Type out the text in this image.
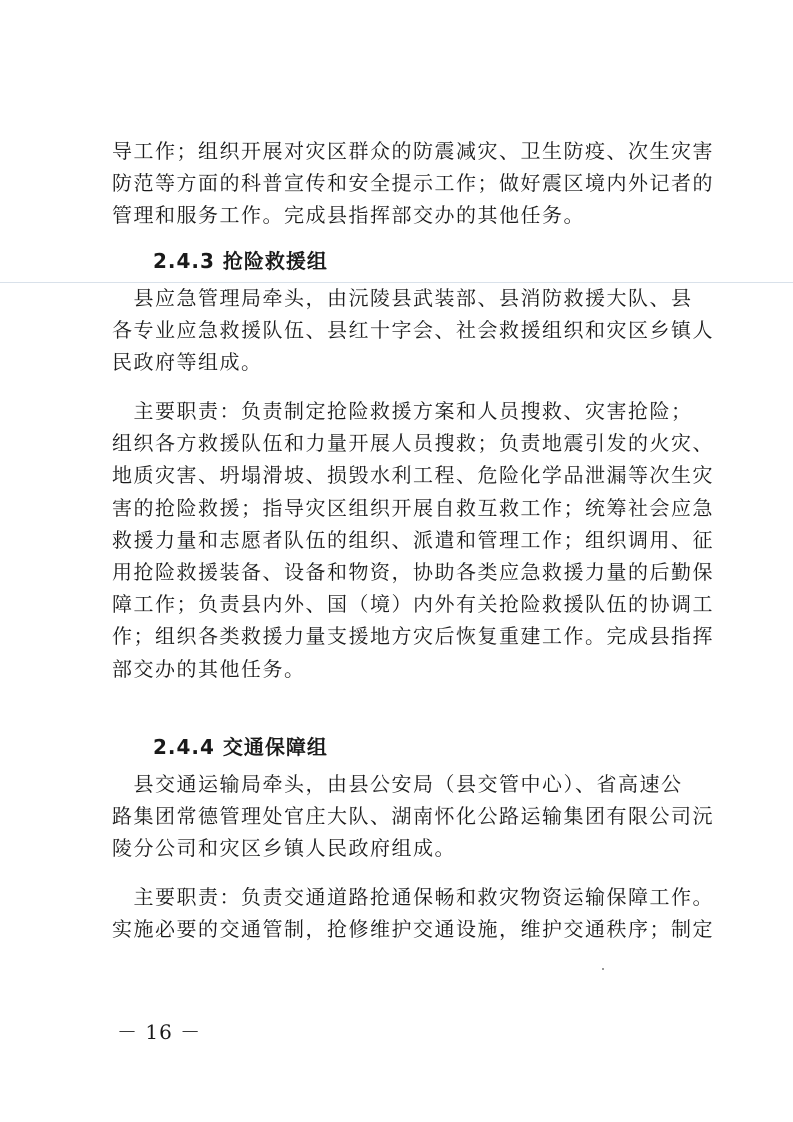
导工作；组织开展对灾区群众的防震减灾、卫生防疫、次生灾害
防范等方面的科普宣传和安全提示工作；做好震区境内外记者的
管理和服务工作。完成县指挥部交办的其他任务。
2.4.3 抢险救援组
　县应急管理局牵头，由沅陵县武装部、县消防救援大队、县
各专业应急救援队伍、县红十字会、社会救援组织和灾区乡镇人
民政府等组成。
　主要职责：负责制定抢险救援方案和人员搜救、灾害抢险；
组织各方救援队伍和力量开展人员搜救；负责地震引发的火灾、
地质灾害、坍塌滑坡、损毁水利工程、危险化学品泄漏等次生灾
害的抢险救援；指导灾区组织开展自救互救工作；统筹社会应急
救援力量和志愿者队伍的组织、派遣和管理工作；组织调用、征
用抢险救援装备、设备和物资，协助各类应急救援力量的后勤保
障工作；负责县内外、国（境）内外有关抢险救援队伍的协调工
作；组织各类救援力量支援地方灾后恢复重建工作。完成县指挥
部交办的其他任务。
2.4.4 交通保障组
　县交通运输局牵头，由县公安局（县交管中心）、省高速公
路集团常德管理处官庄大队、湖南怀化公路运输集团有限公司沅
陵分公司和灾区乡镇人民政府组成。
　主要职责：负责交通道路抢通保畅和救灾物资运输保障工作。
实施必要的交通管制，抢修维护交通设施，维护交通秩序；制定
－ 16 －
